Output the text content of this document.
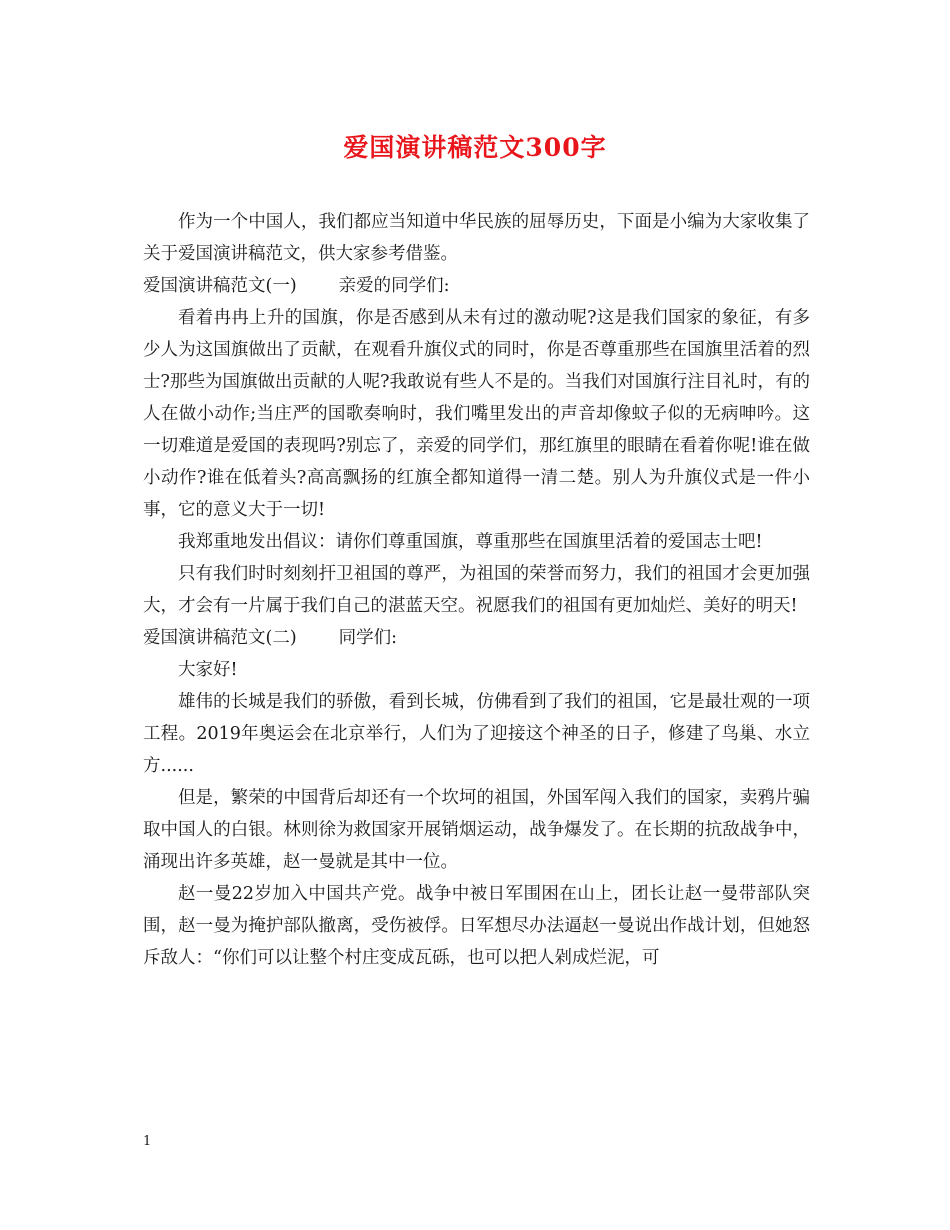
爱国演讲稿范文300字

作为一个中国人，我们都应当知道中华民族的屈辱历史，下面是小编为大家收集了关于爱国演讲稿范文，供大家参考借鉴。

爱国演讲稿范文(一) 亲爱的同学们:

看着冉冉上升的国旗，你是否感到从未有过的激动呢?这是我们国家的象征，有多少人为这国旗做出了贡献，在观看升旗仪式的同时，你是否尊重那些在国旗里活着的烈士?那些为国旗做出贡献的人呢?我敢说有些人不是的。当我们对国旗行注目礼时，有的人在做小动作;当庄严的国歌奏响时，我们嘴里发出的声音却像蚊子似的无病呻吟。这一切难道是爱国的表现吗?别忘了，亲爱的同学们，那红旗里的眼睛在看着你呢!谁在做小动作?谁在低着头?高高飘扬的红旗全都知道得一清二楚。别人为升旗仪式是一件小事，它的意义大于一切!

我郑重地发出倡议：请你们尊重国旗，尊重那些在国旗里活着的爱国志士吧!

只有我们时时刻刻扞卫祖国的尊严，为祖国的荣誉而努力，我们的祖国才会更加强大，才会有一片属于我们自己的湛蓝天空。祝愿我们的祖国有更加灿烂、美好的明天!

爱国演讲稿范文(二) 同学们:

大家好!

雄伟的长城是我们的骄傲，看到长城，仿佛看到了我们的祖国，它是最壮观的一项工程。2019年奥运会在北京举行，人们为了迎接这个神圣的日子，修建了鸟巢、水立方......

但是，繁荣的中国背后却还有一个坎坷的祖国，外国军闯入我们的国家，卖鸦片骗取中国人的白银。林则徐为救国家开展销烟运动，战争爆发了。在长期的抗敌战争中，涌现出许多英雄，赵一曼就是其中一位。

赵一曼22岁加入中国共产党。战争中被日军围困在山上，团长让赵一曼带部队突围，赵一曼为掩护部队撤离，受伤被俘。日军想尽办法逼赵一曼说出作战计划，但她怒斥敌人：“你们可以让整个村庄变成瓦砾，也可以把人剁成烂泥，可

1
